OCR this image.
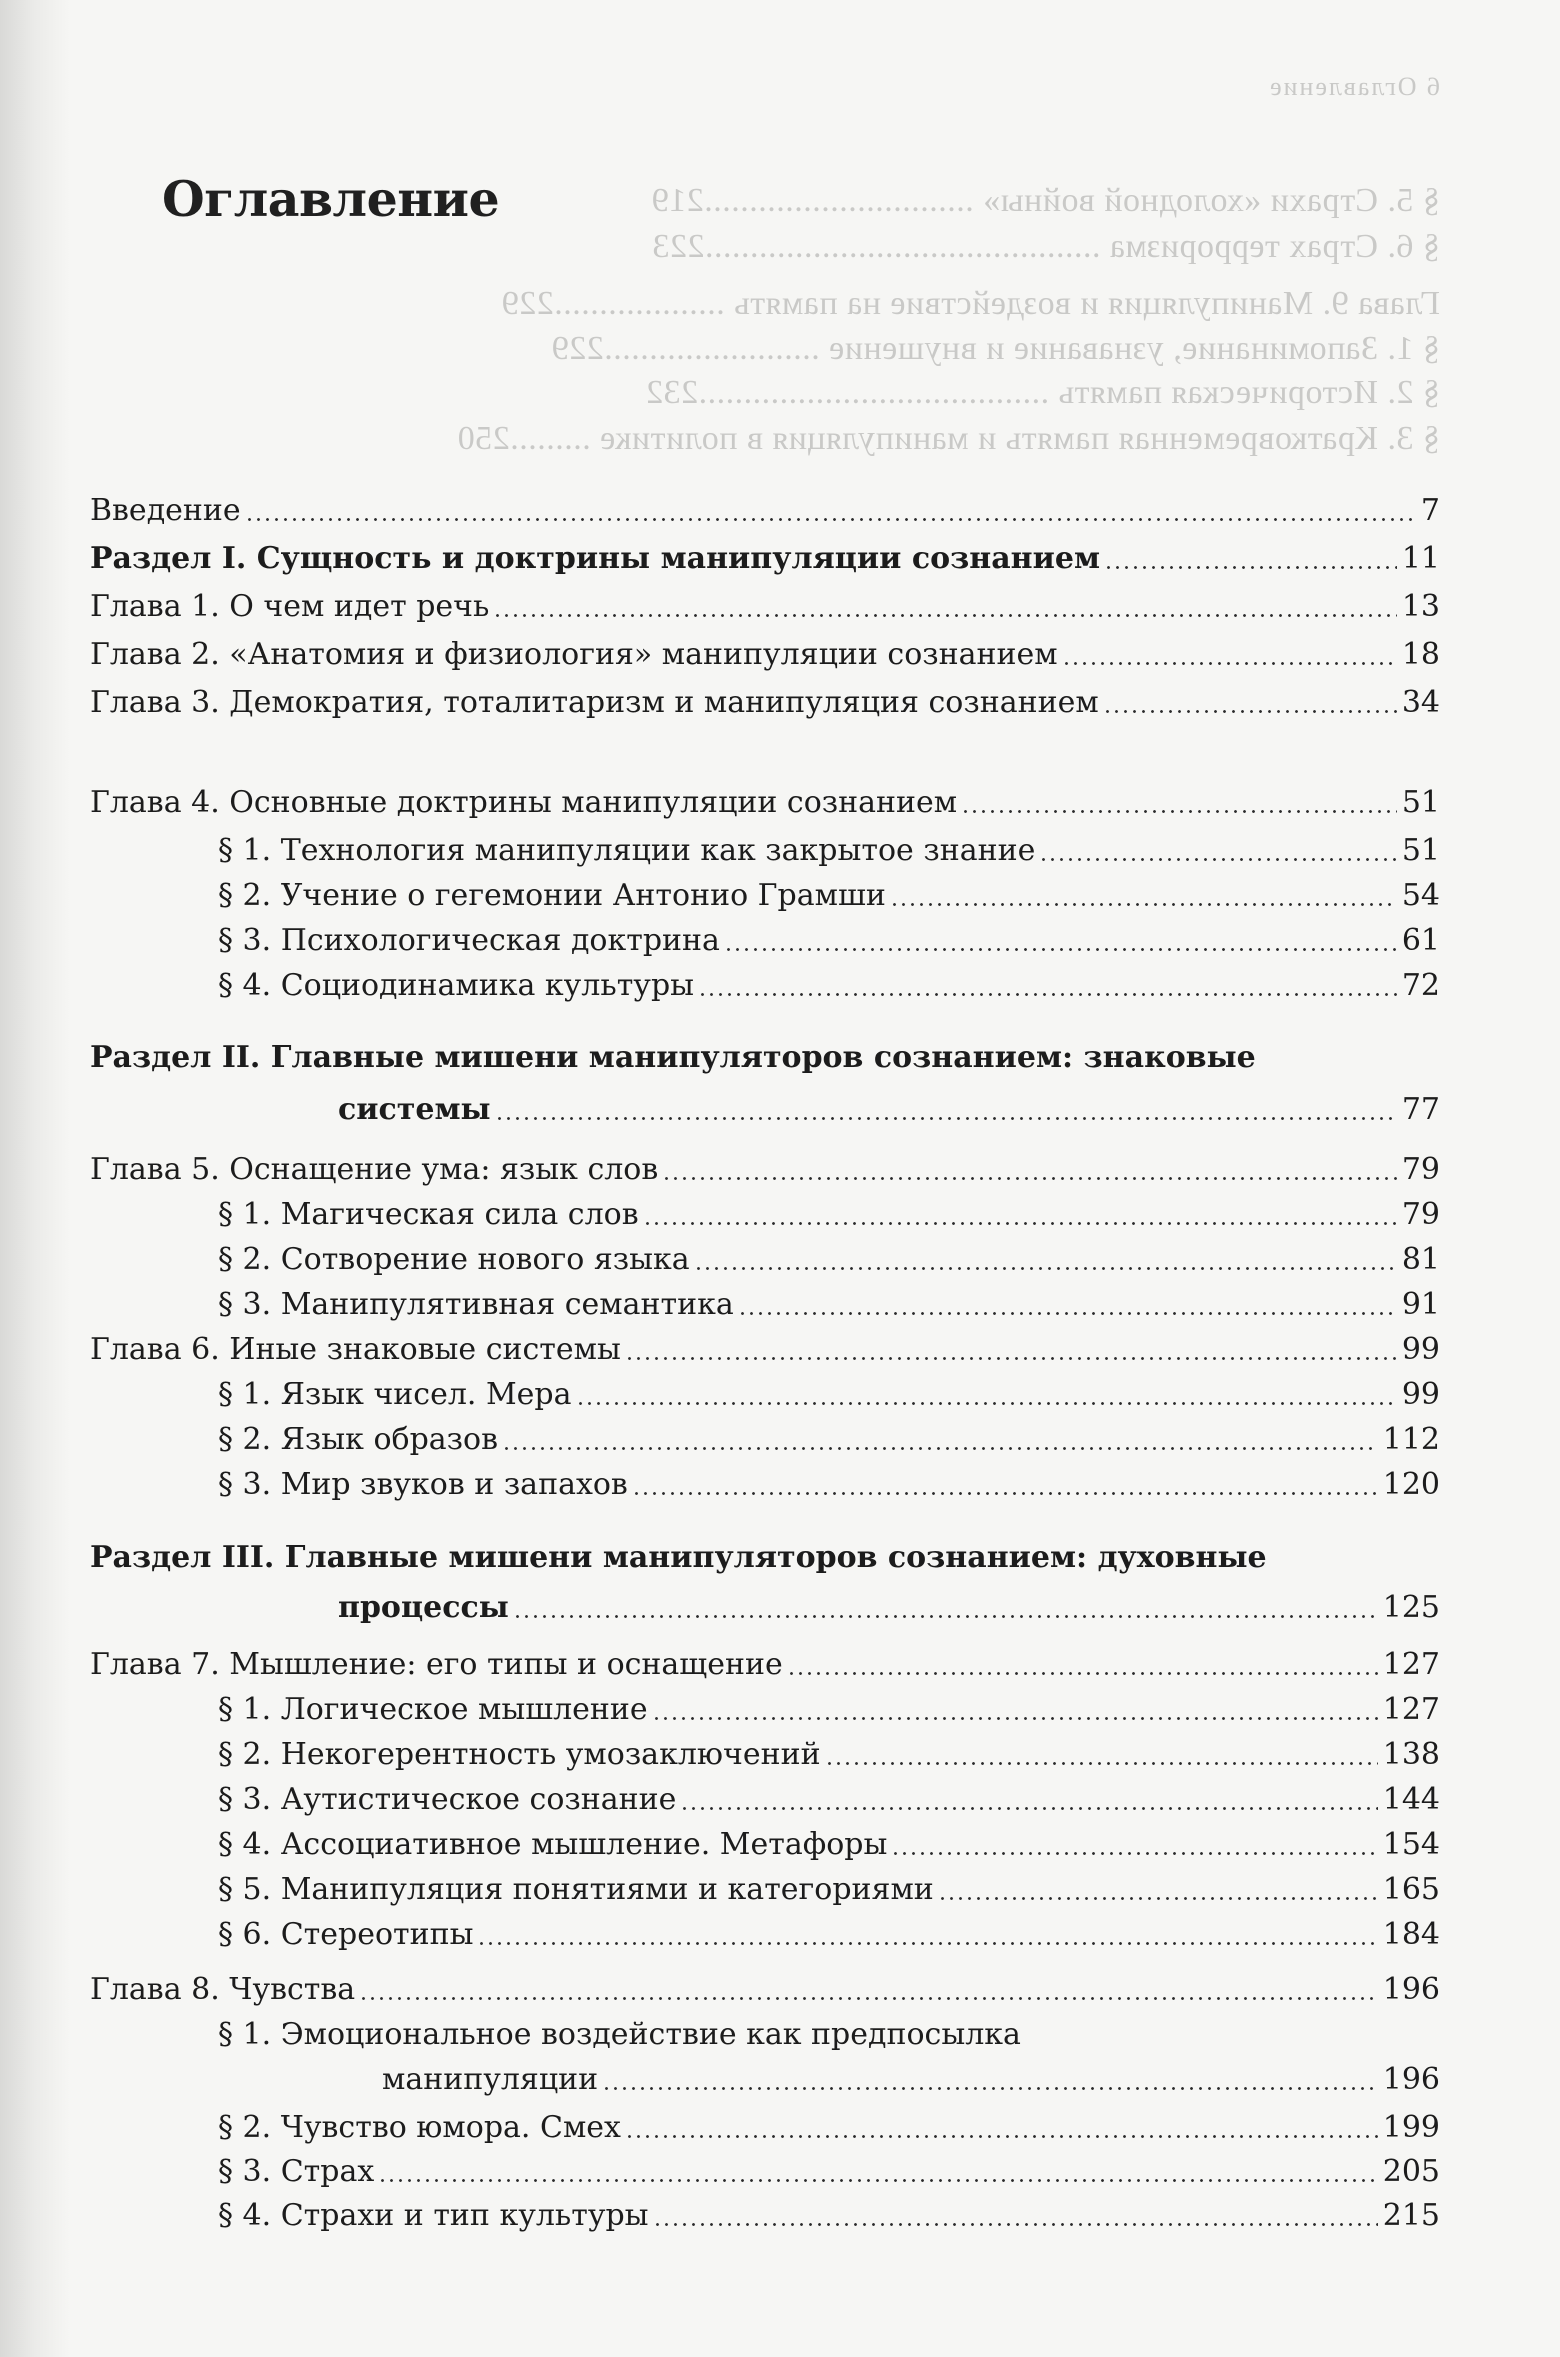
6 Оглавление
§ 5. Страхи «холодной войны» ..............................219
§ 6. Страх терроризма ............................................223
Глава 9. Манипуляция и воздействие на память ...................229
§ 1. Запоминание, узнавание и внушение ........................229
§ 2. Историческая память .......................................232
§ 3. Кратковременная память и манипуляция в политике .........250
Оглавление
Введение	7
Раздел I. Сущность и доктрины манипуляции сознанием	11
Глава 1. О чем идет речь	13
Глава 2. «Анатомия и физиология» манипуляции сознанием	18
Глава 3. Демократия, тоталитаризм и манипуляция сознанием	34
Глава 4. Основные доктрины манипуляции сознанием	51
§ 1. Технология манипуляции как закрытое знание	51
§ 2. Учение о гегемонии Антонио Грамши	54
§ 3. Психологическая доктрина	61
§ 4. Социодинамика культуры	72
Раздел II. Главные мишени манипуляторов сознанием: знаковые
системы	77
Глава 5. Оснащение ума: язык слов	79
§ 1. Магическая сила слов	79
§ 2. Сотворение нового языка	81
§ 3. Манипулятивная семантика	91
Глава 6. Иные знаковые системы	99
§ 1. Язык чисел. Мера	99
§ 2. Язык образов	112
§ 3. Мир звуков и запахов	120
Раздел III. Главные мишени манипуляторов сознанием: духовные
процессы	125
Глава 7. Мышление: его типы и оснащение	127
§ 1. Логическое мышление	127
§ 2. Некогерентность умозаключений	138
§ 3. Аутистическое сознание	144
§ 4. Ассоциативное мышление. Метафоры	154
§ 5. Манипуляция понятиями и категориями	165
§ 6. Стереотипы	184
Глава 8. Чувства	196
§ 1. Эмоциональное воздействие как предпосылка
манипуляции	196
§ 2. Чувство юмора. Смех	199
§ 3. Страх	205
§ 4. Страхи и тип культуры	215
